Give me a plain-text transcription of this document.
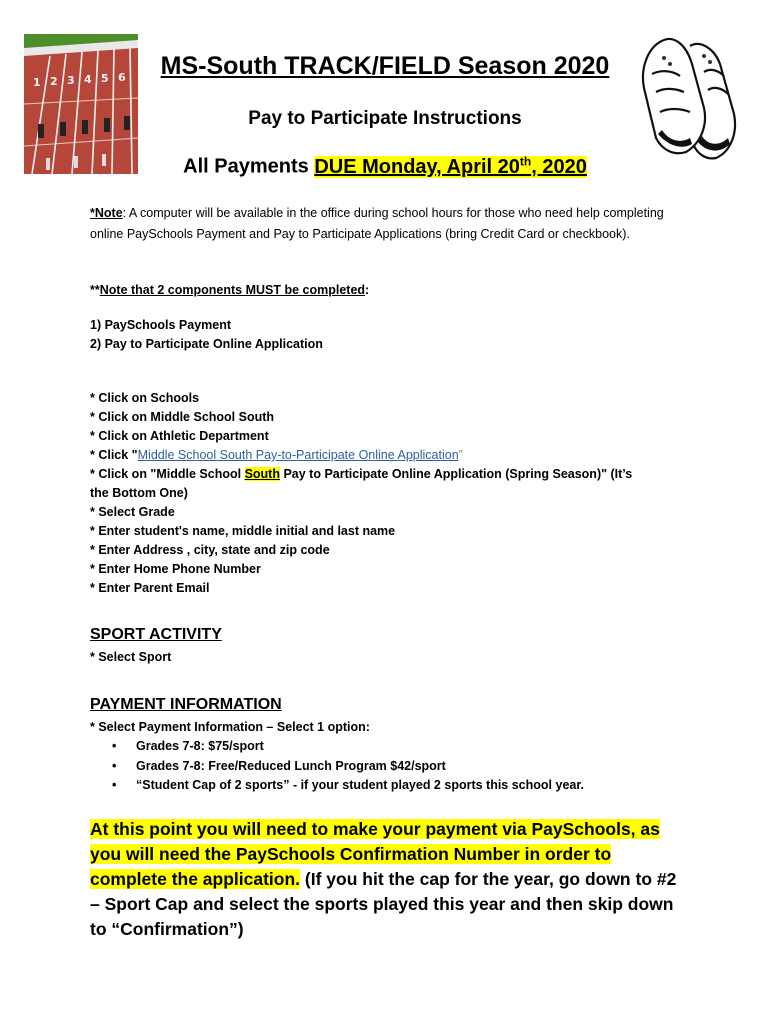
1 2 3 4 5 6	MS-South TRACK/FIELD Season 2020
Pay to Participate Instructions
All Payments DUE Monday, April 20th, 2020
*Note: A computer will be available in the office during school hours for those who need help completing online PaySchools Payment and Pay to Participate Applications (bring Credit Card or checkbook).
**Note that 2 components MUST be completed:
1) PaySchools Payment
2) Pay to Participate Online Application
* Click on Schools
* Click on Middle School South
* Click on Athletic Department
* Click "Middle School South Pay-to-Participate Online Application”
* Click on "Middle School South Pay to Participate Online Application (Spring Season)" (It’s
the Bottom One)
* Select Grade
* Enter student's name, middle initial and last name
* Enter Address , city, state and zip code
* Enter Home Phone Number
* Enter Parent Email
SPORT ACTIVITY
* Select Sport
PAYMENT INFORMATION
* Select Payment Information – Select 1 option:
• Grades 7-8: $75/sport
• Grades 7-8: Free/Reduced Lunch Program $42/sport
• “Student Cap of 2 sports” - if your student played 2 sports this school year.
At this point you will need to make your payment via PaySchools, as you will need the PaySchools Confirmation Number in order to complete the application. (If you hit the cap for the year, go down to #2 – Sport Cap and select the sports played this year and then skip down to “Confirmation”)
